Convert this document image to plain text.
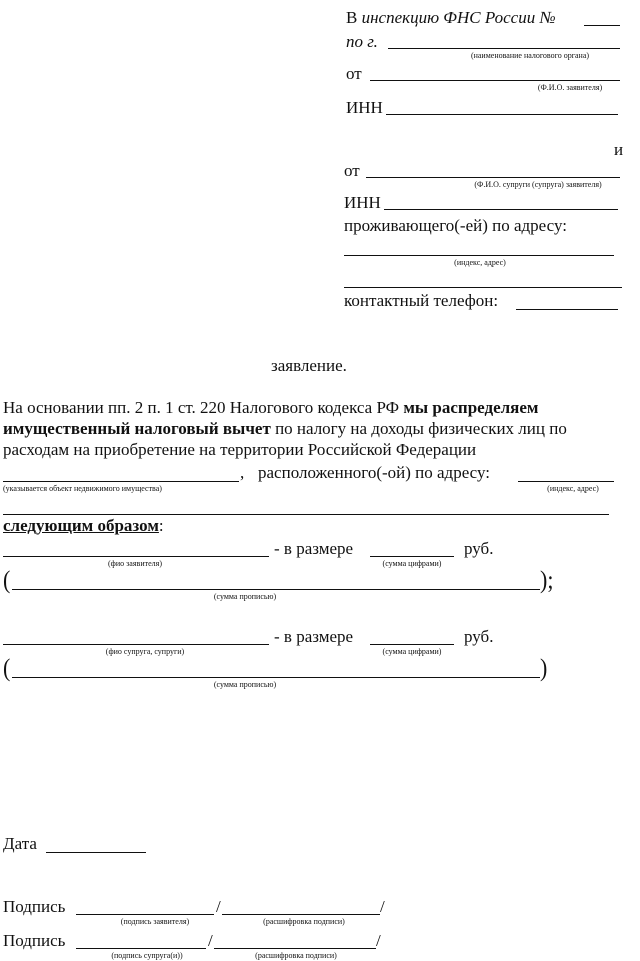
В инспекцию ФНС России №
по г.
(наименование налогового органа)
от
(Ф.И.О. заявителя)
ИНН
и
от
(Ф.И.О. супруги (супруга) заявителя)
ИНН
проживающего(-ей) по адресу:
(индекс, адрес)
контактный телефон:
заявление.
На основании пп. 2 п. 1 ст. 220 Налогового кодекса РФ мы распределяем
имущественный налоговый вычет по налогу на доходы физических лиц по
расходам на приобретение на территории Российской Федерации
, расположенного(-ой) по адресу:
(указывается объект недвижимого имущества)	(индекс, адрес)
следующим образом:
- в размере	руб.
(фио заявителя)	(сумма цифрами)
(	);
(сумма прописью)
- в размере	руб.
(фио супруга, супруги)	(сумма цифрами)
(	)
(сумма прописью)
Дата
Подпись	/	/
(подпись заявителя)	(расшифровка подписи)
Подпись	/	/
(подпись супруга(и))	(расшифровка подписи)
